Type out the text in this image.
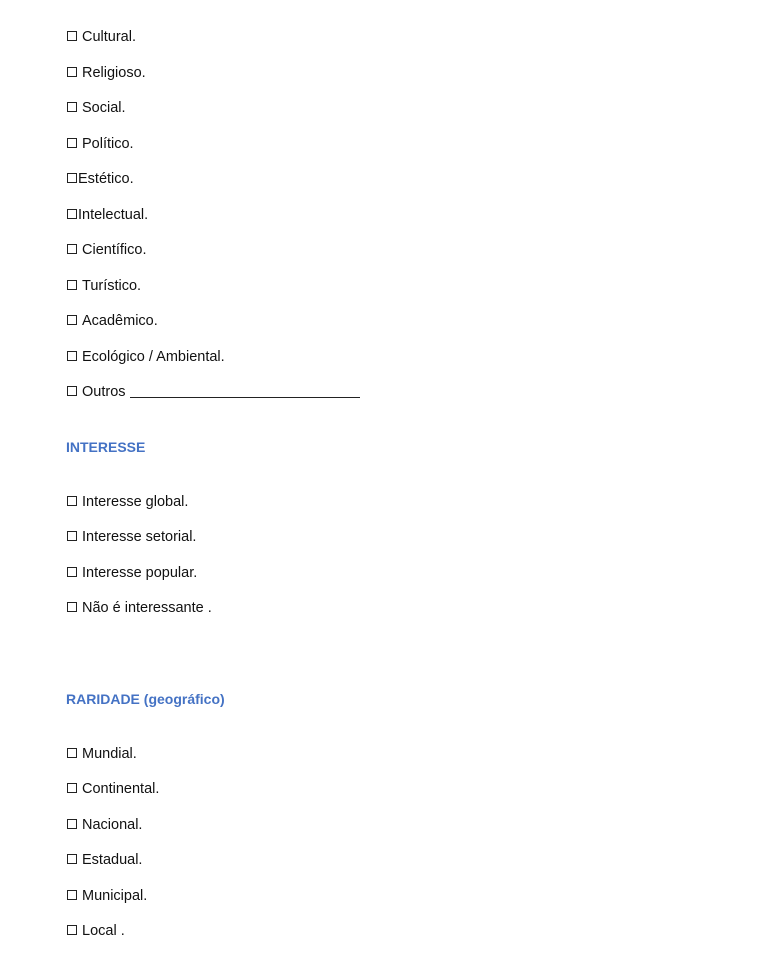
Cultural.
Religioso.
Social.
Político.
Estético.
Intelectual.
Científico.
Turístico.
Acadêmico.
Ecológico / Ambiental.
Outros
INTERESSE
Interesse global.
Interesse setorial.
Interesse popular.
Não é interessante .
RARIDADE (geográfico)
Mundial.
Continental.
Nacional.
Estadual.
Municipal.
Local .
